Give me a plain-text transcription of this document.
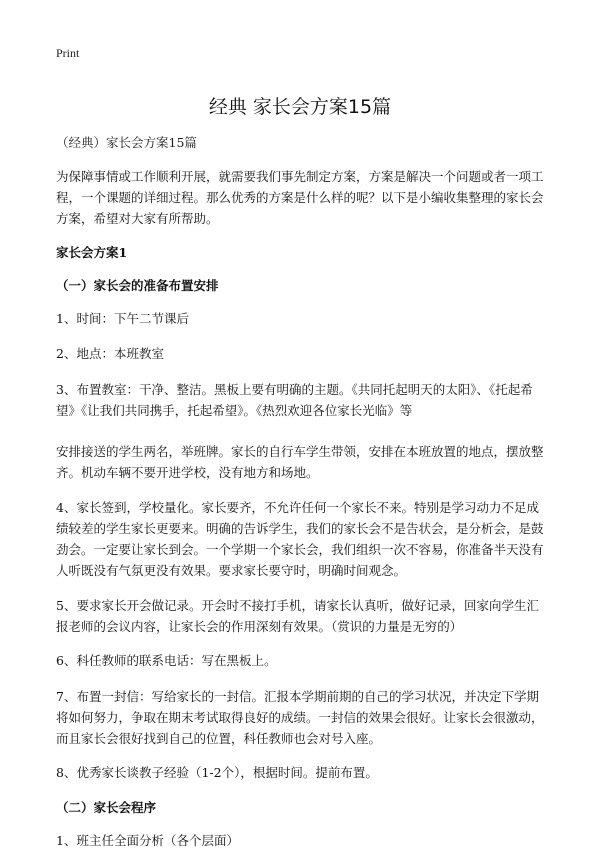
Print
经典 家长会方案15篇
（经典）家长会方案15篇

为保障事情或工作顺利开展，就需要我们事先制定方案，方案是解决一个问题或者一项工程，一个课题的详细过程。那么优秀的方案是什么样的呢？以下是小编收集整理的家长会方案，希望对大家有所帮助。

家长会方案1
（一）家长会的准备布置安排
1、时间：下午二节课后
2、地点：本班教室

3、布置教室：干净、整洁。黑板上要有明确的主题。《共同托起明天的太阳》、《托起希望》《让我们共同携手，托起希望》。《热烈欢迎各位家长光临》等

安排接送的学生两名，举班牌。家长的自行车学生带领，安排在本班放置的地点，摆放整齐。机动车辆不要开进学校，没有地方和场地。

4、家长签到，学校量化。家长要齐，不允许任何一个家长不来。特别是学习动力不足成绩较差的学生家长更要来。明确的告诉学生，我们的家长会不是告状会，是分析会，是鼓劲会。一定要让家长到会。一个学期一个家长会，我们组织一次不容易，你准备半天没有人听既没有气氛更没有效果。要求家长要守时，明确时间观念。

5、要求家长开会做记录。开会时不接打手机，请家长认真听，做好记录，回家向学生汇报老师的会议内容，让家长会的作用深刻有效果。（赏识的力量是无穷的）

6、科任教师的联系电话：写在黑板上。

7、布置一封信：写给家长的一封信。汇报本学期前期的自己的学习状况，并决定下学期将如何努力，争取在期末考试取得良好的成绩。一封信的效果会很好。让家长会很激动，而且家长会很好找到自己的位置，科任教师也会对号入座。

8、优秀家长谈教子经验（1-2个），根据时间。提前布置。
（二）家长会程序
1、班主任全面分析（各个层面）
